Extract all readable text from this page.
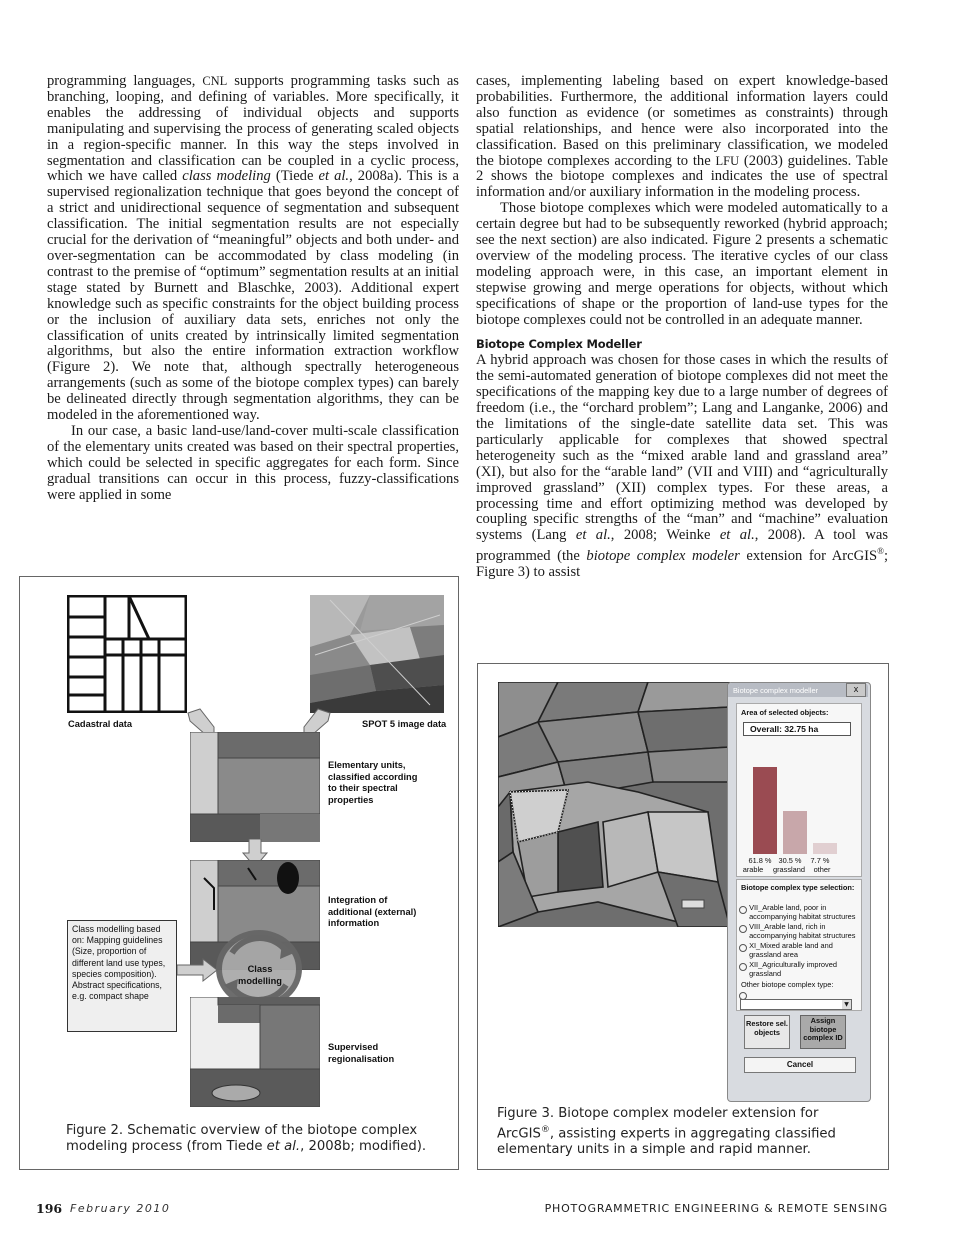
programming languages, CNL supports programming tasks such as branching, looping, and defining of variables. More specifically, it enables the addressing of individual objects and supports manipulating and supervising the process of generating scaled objects in a region-specific manner. In this way the steps involved in segmentation and classification can be coupled in a cyclic process, which we have called class modeling (Tiede et al., 2008a). This is a supervised regionalization technique that goes beyond the concept of a strict and unidirectional sequence of segmentation and subsequent classification. The initial segmentation results are not especially crucial for the derivation of “meaningful” objects and both under- and over-segmentation can be accommodated by class modeling (in contrast to the premise of “optimum” segmentation results at an initial stage stated by Burnett and Blaschke, 2003). Additional expert knowledge such as specific constraints for the object building process or the inclusion of auxiliary data sets, enriches not only the classification of units created by intrinsically limited segmentation algorithms, but also the entire information extraction workflow (Figure 2). We note that, although spectrally heterogeneous arrangements (such as some of the biotope complex types) can barely be delineated directly through segmentation algorithms, they can be modeled in the aforementioned way.

In our case, a basic land-use/land-cover multi-scale classification of the elementary units created was based on their spectral properties, which could be selected in specific aggregates for each form. Since gradual transitions can occur in this process, fuzzy-classifications were applied in some

cases, implementing labeling based on expert knowledge-based probabilities. Furthermore, the additional information layers could also function as evidence (or sometimes as constraints) through spatial relationships, and hence were also incorporated into the classification. Based on this preliminary classification, we modeled the biotope complexes according to the LFU (2003) guidelines. Table 2 shows the biotope complexes and indicates the use of spectral information and/or auxiliary information in the modeling process.

Those biotope complexes which were modeled automatically to a certain degree but had to be subsequently reworked (hybrid approach; see the next section) are also indicated. Figure 2 presents a schematic overview of the modeling process. The iterative cycles of our class modeling approach were, in this case, an important element in stepwise growing and merge operations for objects, without which specifications of shape or the proportion of land-use types for the biotope complexes could not be controlled in an adequate manner.

Biotope Complex Modeller

A hybrid approach was chosen for those cases in which the results of the semi-automated generation of biotope complexes did not meet the specifications of the mapping key due to a large number of degrees of freedom (i.e., the “orchard problem”; Lang and Langanke, 2006) and the limitations of the single-date satellite data set. This was particularly applicable for complexes that showed spectral heterogeneity such as the “mixed arable land and grassland area” (XI), but also for the “arable land” (VII and VIII) and “agriculturally improved grassland” (XII) complex types. For these areas, a processing time and effort optimizing method was developed by coupling specific strengths of the “man” and “machine” evaluation systems (Lang et al., 2008; Weinke et al., 2008). A tool was programmed (the biotope complex modeler extension for ArcGIS®; Figure 3) to assist

Cadastral data	SPOT 5 image data
Elementary units, classified according to their spectral properties
Integration of additional (external) information
Class modelling
Class modelling based on: Mapping guidelines (Size, proportion of different land use types, species composition). Abstract specifications, e.g. compact shape
Supervised regionalisation
Figure 2. Schematic overview of the biotope complex modeling process (from Tiede et al., 2008b; modified).
Biotope complex modeller	x
Area of selected objects:
Overall: 32.75 ha
61.8 % 30.5 %	7.7 %
arable	grassland	other
Biotope complex type selection:
VII_Arable land, poor in accompanying habitat structures
VIII_Arable land, rich in accompanying habitat structures
XI_Mixed arable land and grassland area
XII_Agriculturally improved grassland
Other biotope complex type:
▼
Restore sel. objects
Assign biotope complex ID
Cancel
Figure 3. Biotope complex modeler extension for ArcGIS®, assisting experts in aggregating classified elementary units in a simple and rapid manner.
196 February 2010	PHOTOGRAMMETRIC ENGINEERING & REMOTE SENSING
